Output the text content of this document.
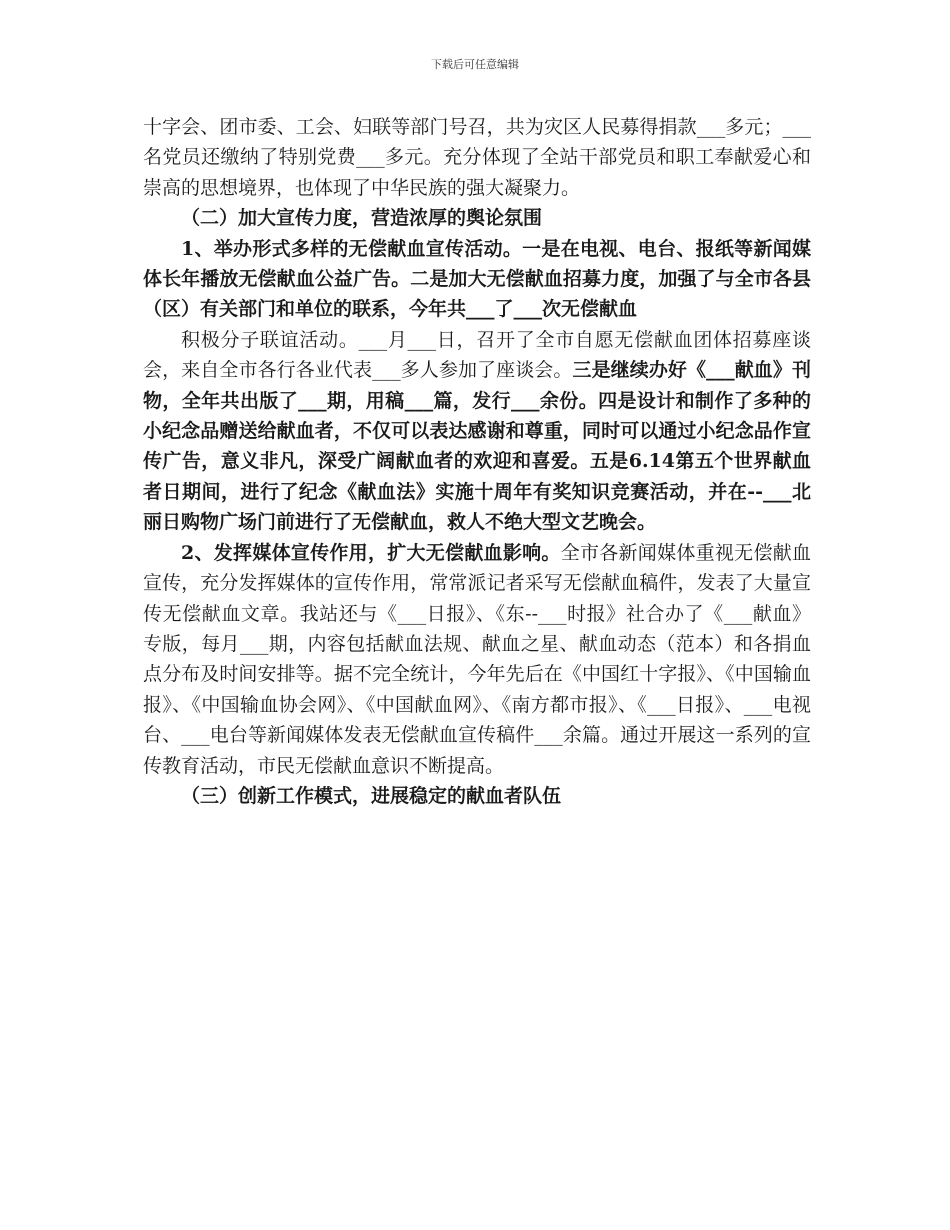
下载后可任意编辑

十字会、团市委、工会、妇联等部门号召，共为灾区人民募得捐款___多元；___名党员还缴纳了特别党费___多元。充分体现了全站干部党员和职工奉献爱心和崇高的思想境界，也体现了中华民族的强大凝聚力。

（二）加大宣传力度，营造浓厚的舆论氛围

1、举办形式多样的无偿献血宣传活动。一是在电视、电台、报纸等新闻媒体长年播放无偿献血公益广告。二是加大无偿献血招募力度，加强了与全市各县（区）有关部门和单位的联系，今年共___了___次无偿献血

积极分子联谊活动。___月___日，召开了全市自愿无偿献血团体招募座谈会，来自全市各行各业代表___多人参加了座谈会。三是继续办好《___献血》刊物，全年共出版了___期，用稿___篇，发行___余份。四是设计和制作了多种的小纪念品赠送给献血者，不仅可以表达感谢和尊重，同时可以通过小纪念品作宣传广告，意义非凡，深受广阔献血者的欢迎和喜爱。五是6.14第五个世界献血者日期间，进行了纪念《献血法》实施十周年有奖知识竞赛活动，并在--___北丽日购物广场门前进行了无偿献血，救人不绝大型文艺晚会。

2、发挥媒体宣传作用，扩大无偿献血影响。全市各新闻媒体重视无偿献血宣传，充分发挥媒体的宣传作用，常常派记者采写无偿献血稿件，发表了大量宣传无偿献血文章。我站还与《___日报》、《东--___时报》社合办了《___献血》专版，每月___期，内容包括献血法规、献血之星、献血动态（范本）和各捐血点分布及时间安排等。据不完全统计，今年先后在《中国红十字报》、《中国输血报》、《中国输血协会网》、《中国献血网》、《南方都市报》、《___日报》、___电视台、___电台等新闻媒体发表无偿献血宣传稿件___余篇。通过开展这一系列的宣传教育活动，市民无偿献血意识不断提高。

（三）创新工作模式，进展稳定的献血者队伍
